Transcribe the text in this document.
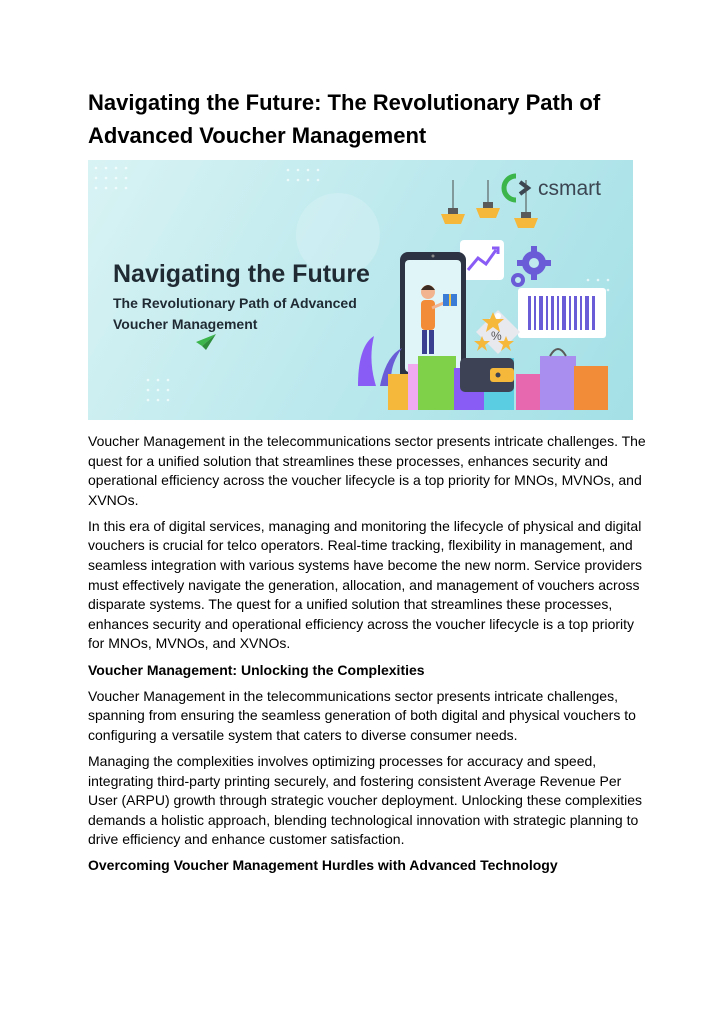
Navigating the Future: The Revolutionary Path of Advanced Voucher Management
csmart
%
Navigating the Future
The Revolutionary Path of Advanced
Voucher Management

Voucher Management in the telecommunications sector presents intricate challenges. The quest for a unified solution that streamlines these processes, enhances security and operational efficiency across the voucher lifecycle is a top priority for MNOs, MVNOs, and XVNOs.

In this era of digital services, managing and monitoring the lifecycle of physical and digital vouchers is crucial for telco operators. Real-time tracking, flexibility in management, and seamless integration with various systems have become the new norm. Service providers must effectively navigate the generation, allocation, and management of vouchers across disparate systems. The quest for a unified solution that streamlines these processes, enhances security and operational efficiency across the voucher lifecycle is a top priority for MNOs, MVNOs, and XVNOs.

Voucher Management: Unlocking the Complexities

Voucher Management in the telecommunications sector presents intricate challenges, spanning from ensuring the seamless generation of both digital and physical vouchers to configuring a versatile system that caters to diverse consumer needs.

Managing the complexities involves optimizing processes for accuracy and speed, integrating third-party printing securely, and fostering consistent Average Revenue Per User (ARPU) growth through strategic voucher deployment. Unlocking these complexities demands a holistic approach, blending technological innovation with strategic planning to drive efficiency and enhance customer satisfaction.

Overcoming Voucher Management Hurdles with Advanced Technology
